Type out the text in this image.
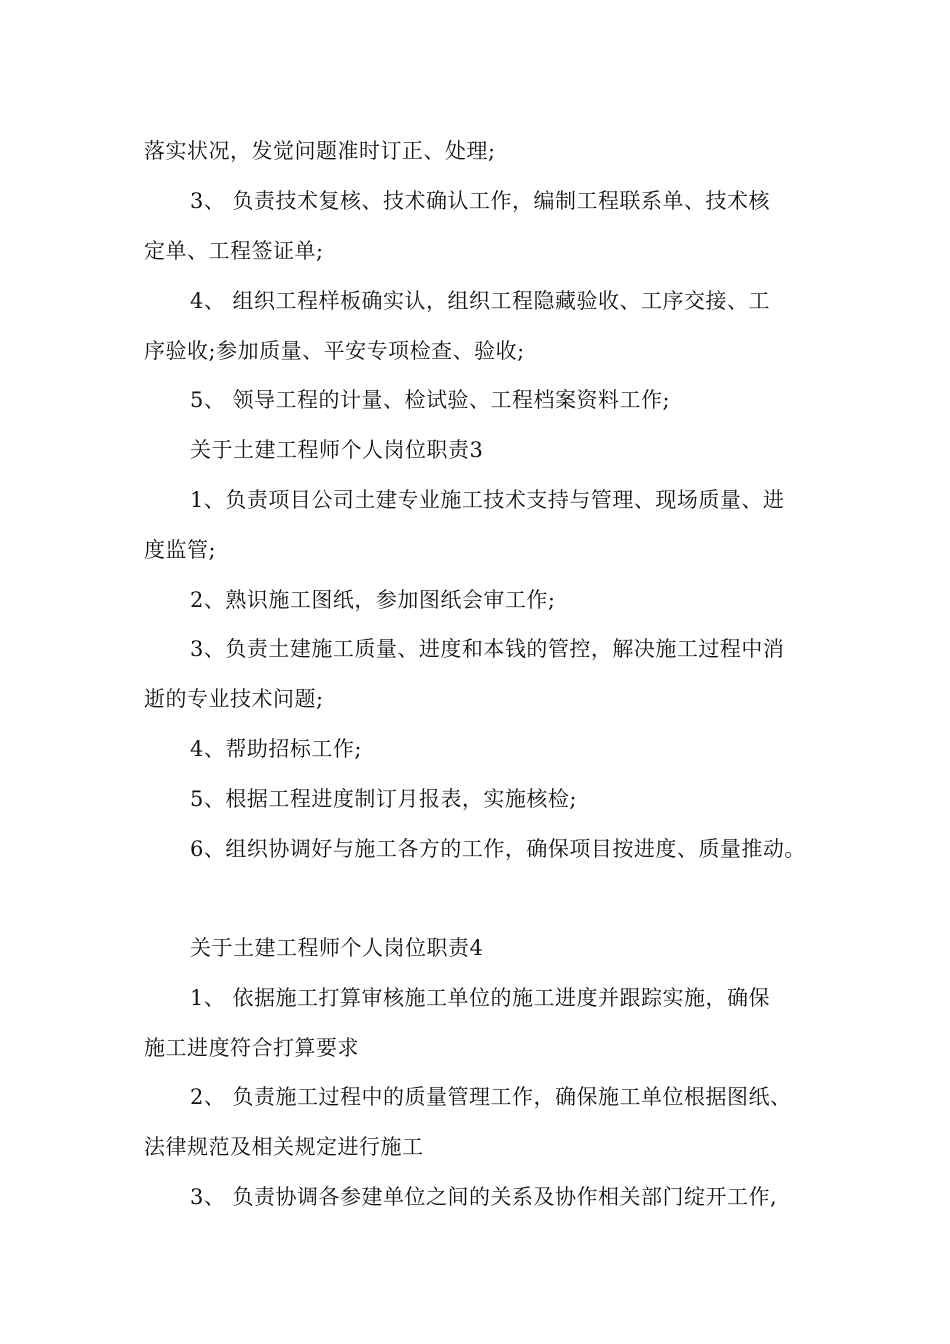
落实状况，发觉问题准时订正、处理;
3、 负责技术复核、技术确认工作，编制工程联系单、技术核
定单、工程签证单;
4、 组织工程样板确实认，组织工程隐藏验收、工序交接、工
序验收;参加质量、平安专项检查、验收;
5、 领导工程的计量、检试验、工程档案资料工作;
关于土建工程师个人岗位职责3
1、负责项目公司土建专业施工技术支持与管理、现场质量、进
度监管;
2、熟识施工图纸，参加图纸会审工作;
3、负责土建施工质量、进度和本钱的管控，解决施工过程中消
逝的专业技术问题;
4、帮助招标工作;
5、根据工程进度制订月报表，实施核检;
6、组织协调好与施工各方的工作，确保项目按进度、质量推动。
关于土建工程师个人岗位职责4
1、 依据施工打算审核施工单位的施工进度并跟踪实施，确保
施工进度符合打算要求
2、 负责施工过程中的质量管理工作，确保施工单位根据图纸、
法律规范及相关规定进行施工
3、 负责协调各参建单位之间的关系及协作相关部门绽开工作,
